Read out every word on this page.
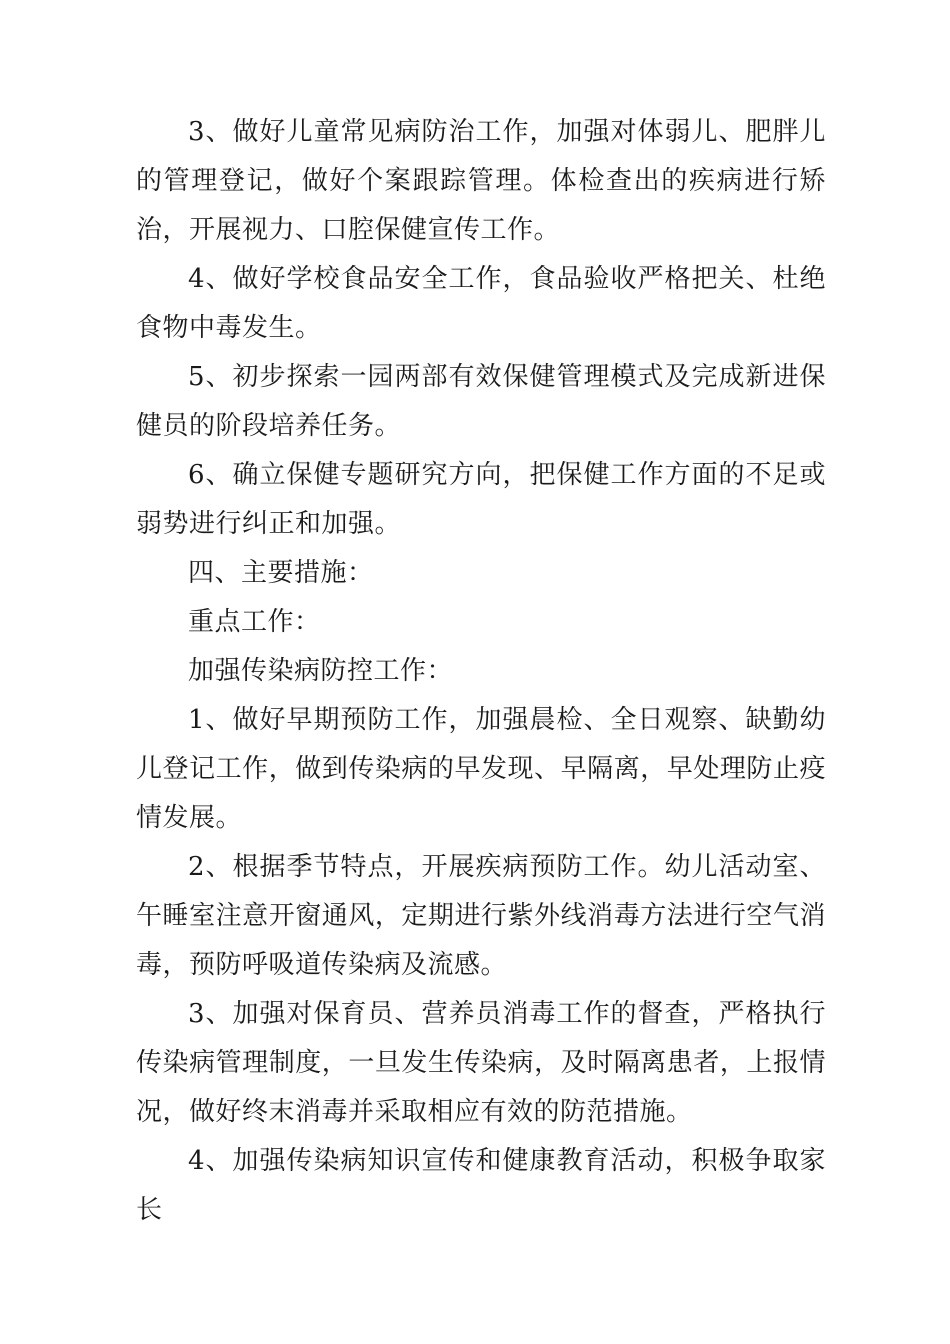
3、做好儿童常见病防治工作，加强对体弱儿、肥胖儿的管理登记，做好个案跟踪管理。体检查出的疾病进行矫治，开展视力、口腔保健宣传工作。

4、做好学校食品安全工作，食品验收严格把关、杜绝食物中毒发生。

5、初步探索一园两部有效保健管理模式及完成新进保健员的阶段培养任务。

6、确立保健专题研究方向，把保健工作方面的不足或弱势进行纠正和加强。

四、主要措施：

重点工作：

加强传染病防控工作：

1、做好早期预防工作，加强晨检、全日观察、缺勤幼儿登记工作，做到传染病的早发现、早隔离，早处理防止疫情发展。

2、根据季节特点，开展疾病预防工作。幼儿活动室、午睡室注意开窗通风，定期进行紫外线消毒方法进行空气消毒，预防呼吸道传染病及流感。

3、加强对保育员、营养员消毒工作的督查，严格执行传染病管理制度，一旦发生传染病，及时隔离患者，上报情况，做好终末消毒并采取相应有效的防范措施。

4、加强传染病知识宣传和健康教育活动，积极争取家长
